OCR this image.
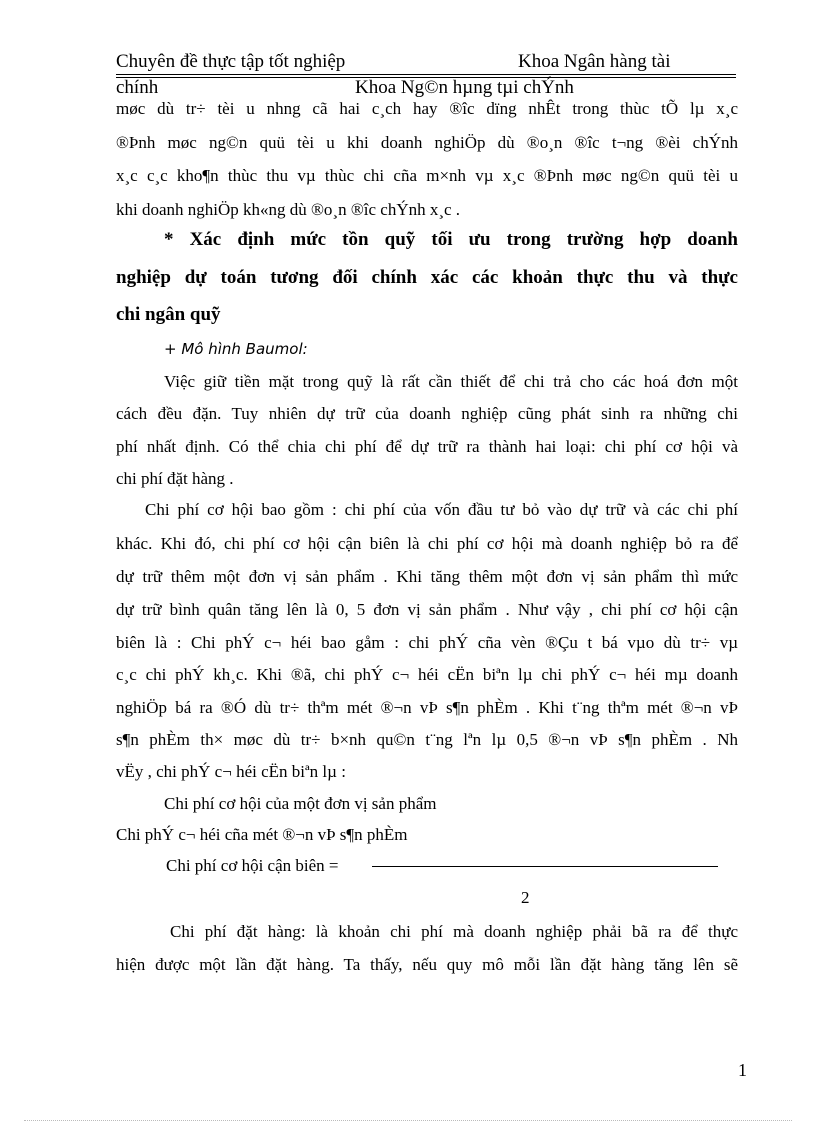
Chuyên đề thực tập tốt nghiệp	Khoa Ngân hàng tài
chính	Khoa Ng©n hµng tµi chÝnh
møc dù tr÷ tèi u nhng cã hai c¸ch hay ®îc dïng nhÊt trong thùc tÕ lµ x¸c
®Þnh møc ng©n quü tèi u khi doanh nghiÖp dù ®o¸n ®îc t¬ng ®èi chÝnh
x¸c c¸c kho¶n thùc thu vµ thùc chi cña m×nh vµ x¸c ®Þnh møc ng©n quü tèi u
khi doanh nghiÖp kh«ng dù ®o¸n ®îc chÝnh x¸c .
* Xác định mức tồn quỹ tối ưu trong trường hợp doanh
nghiệp dự toán tương đối chính xác các khoản thực thu và thực
chi ngân quỹ
+ Mô hình Baumol:
Việc giữ tiền mặt trong quỹ là rất cần thiết để chi trả cho các hoá đơn một
cách đều đặn. Tuy nhiên dự trữ của doanh nghiệp cũng phát sinh ra những chi
phí nhất định. Có thể chia chi phí để dự trữ ra thành hai loại: chi phí cơ hội và
chi phí đặt hàng .
Chi phí cơ hội bao gồm : chi phí của vốn đầu tư bỏ vào dự trữ và các chi phí
khác. Khi đó, chi phí cơ hội cận biên là chi phí cơ hội mà doanh nghiệp bỏ ra để
dự trữ thêm một đơn vị sản phẩm . Khi tăng thêm một đơn vị sản phẩm thì mức
dự trữ bình quân tăng lên là 0, 5 đơn vị sản phẩm . Như vậy , chi phí cơ hội cận
biên là : Chi phÝ c¬ héi bao gåm : chi phÝ cña vèn ®Çu t bá vµo dù tr÷ vµ
c¸c chi phÝ kh¸c. Khi ®ã, chi phÝ c¬ héi cËn biªn lµ chi phÝ c¬ héi mµ doanh
nghiÖp bá ra ®Ó dù tr÷ thªm mét ®¬n vÞ s¶n phÈm . Khi t¨ng thªm mét ®¬n vÞ
s¶n phÈm th× møc dù tr÷ b×nh qu©n t¨ng lªn lµ 0,5 ®¬n vÞ s¶n phÈm . Nh
vËy , chi phÝ c¬ héi cËn biªn lµ :
Chi phí cơ hội của một đơn vị sản phẩm
Chi phÝ c¬ héi cña mét ®¬n vÞ s¶n phÈm
Chi phí cơ hội cận biên =
2
Chi phí đặt hàng: là khoản chi phí mà doanh nghiệp phải bã ra để thực
hiện được một lần đặt hàng. Ta thấy, nếu quy mô mỗi lần đặt hàng tăng lên sẽ
1
